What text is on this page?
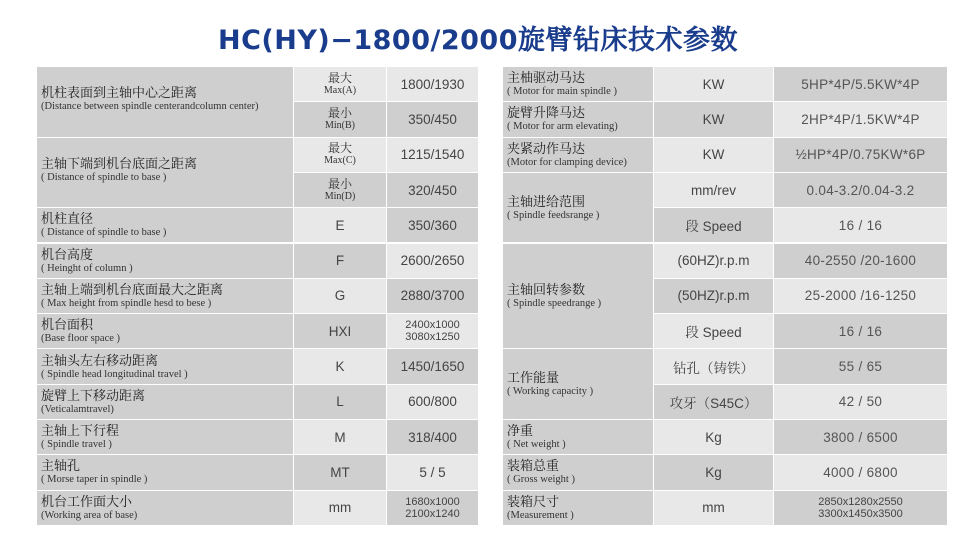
HC(HY)−1800/2000旋臂钻床技术参数
机柱表面到主轴中心之距离
(Distance between spindle centerandcolumn center)
最大
Max(A)	1800/1930
最小
Min(B)	350/450
主轴下端到机台底面之距离
( Distance of spindle to base )
最大
Max(C)	1215/1540
最小
Min(D)	320/450
机柱直径
( Distance of spindle to base )	E	350/360
机台高度
( Heinght of column )	F	2600/2650
主轴上端到机台底面最大之距离
( Max height from spindle hesd to bese )	G	2880/3700
机台面积
(Base floor space )	HXI	2400x1000
3080x1250
主轴头左右移动距离
( Spindle head longitudinal travel )	K	1450/1650
旋臂上下移动距离
(Veticalamtravel)	L	600/800
主轴上下行程
( Spindle travel )	M	318/400
主轴孔
( Morse taper in spindle )	MT	5 / 5
机台工作面大小
(Working area of base)	mm	1680x1000
2100x1240
主柚驱动马达
( Motor for main spindle )	KW	5HP*4P/5.5KW*4P
旋臂升降马达
( Motor for arm elevating)	KW	2HP*4P/1.5KW*4P
夹紧动作马达
(Motor for clamping device)	KW	½HP*4P/0.75KW*6P
主轴进给范围
( Spindle feedsrange )
mm/rev	0.04-3.2/0.04-3.2
段 Speed	16 / 16
主轴回转参数
( Spindle speedrange )
(60HZ)r.p.m	40-2550 /20-1600
(50HZ)r.p.m	25-2000 /16-1250
段 Speed	16 / 16
工作能量
( Working capacity )
钻孔（铸铁）	55 / 65
攻牙（S45C）	42 / 50
净重
( Net weight )	Kg	3800 / 6500
装箱总重
( Gross weight )	Kg	4000 / 6800
装箱尺寸
(Measurement )	mm	2850x1280x2550
3300x1450x3500
